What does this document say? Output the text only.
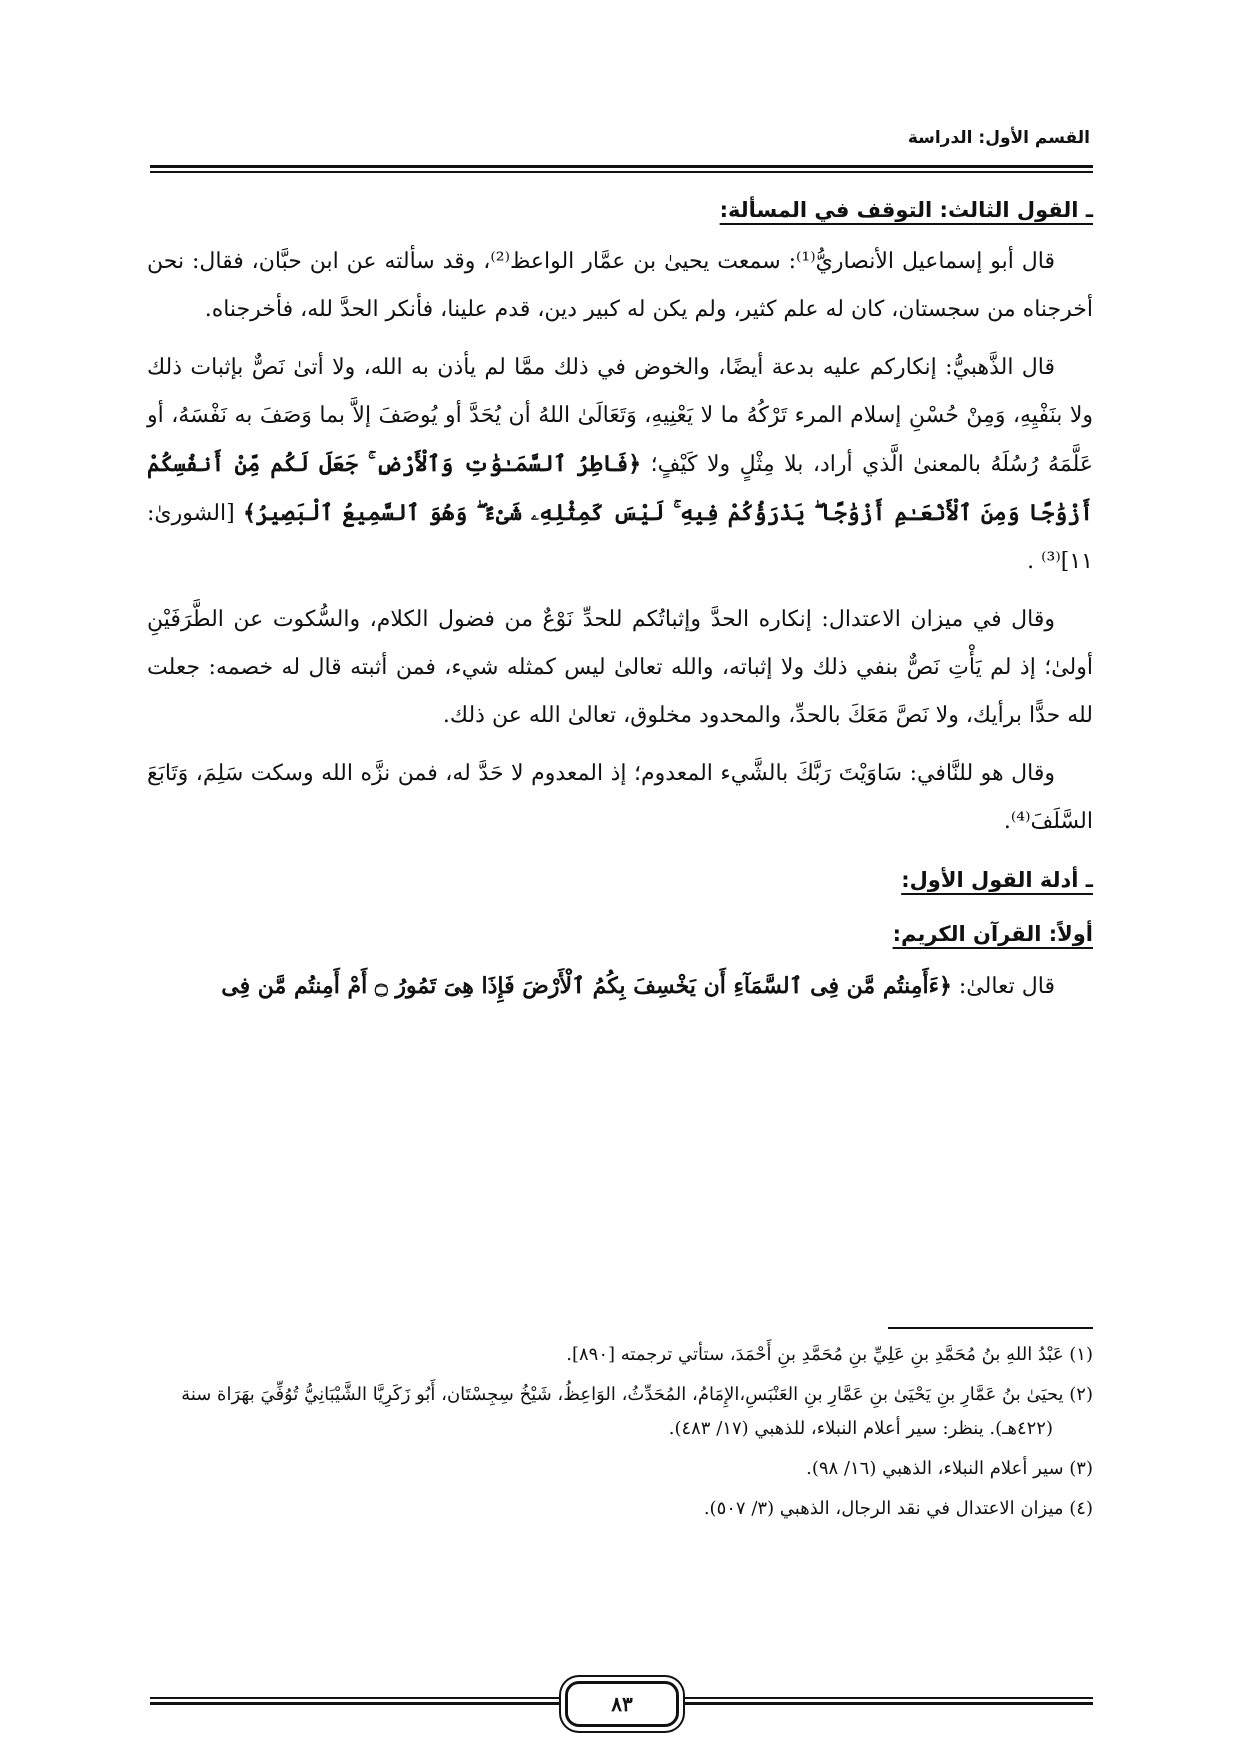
القسم الأول: الدراسة
ـ القول الثالث: التوقف في المسألة:

قال أبو إسماعيل الأنصاريُّ⁽¹⁾: سمعت يحيىٰ بن عمَّار الواعظ⁽²⁾، وقد سألته عن ابن حبَّان، فقال: نحن أخرجناه من سجستان، كان له علم كثير، ولم يكن له كبير دين، قدم علينا، فأنكر الحدَّ لله، فأخرجناه.

قال الذَّهبيُّ: إنكاركم عليه بدعة أيضًا، والخوض في ذلك ممَّا لم يأذن به الله، ولا أتىٰ نَصٌّ بإثبات ذلك ولا بنَفْيِهِ، وَمِنْ حُسْنِ إسلام المرء تَرْكُهُ ما لا يَعْنِيهِ، وَتَعَالَىٰ اللهُ أن يُحَدَّ أو يُوصَفَ إلاَّ بما وَصَفَ به نَفْسَهُ، أو عَلَّمَهُ رُسُلَهُ بالمعنىٰ الَّذي أراد، بلا مِثْلٍ ولا كَيْفٍ؛ ﴿فَاطِرُ ٱلسَّمَـٰوَٰتِ وَٱلْأَرْضِ ۚ جَعَلَ لَكُم مِّنْ أَنفُسِكُمْ أَزْوَٰجًا وَمِنَ ٱلْأَنْعَـٰمِ أَزْوَٰجًا ۖ يَذْرَؤُكُمْ فِيهِ ۚ لَيْسَ كَمِثْلِهِۦ شَىْءٌ ۖ وَهُوَ ٱلسَّمِيعُ ٱلْبَصِيرُ﴾ [الشورىٰ: ١١]⁽³⁾ .

وقال في ميزان الاعتدال: إنكاره الحدَّ وإثباتُكم للحدِّ نَوْعٌ من فضول الكلام، والسُّكوت عن الطَّرَفَيْنِ أولىٰ؛ إذ لم يَأْتِ نَصٌّ بنفي ذلك ولا إثباته، والله تعالىٰ ليس كمثله شيء، فمن أثبته قال له خصمه: جعلت لله حدًّا برأيك، ولا نَصَّ مَعَكَ بالحدِّ، والمحدود مخلوق، تعالىٰ الله عن ذلك.

وقال هو للنَّافي: سَاوَيْتَ رَبَّكَ بالشَّيء المعدوم؛ إذ المعدوم لا حَدَّ له، فمن نزَّه الله وسكت سَلِمَ، وَتَابَعَ السَّلَفَ⁽⁴⁾.

ـ أدلة القول الأول:
أولاً: القرآن الكريم:

قال تعالىٰ: ﴿ءَأَمِنتُم مَّن فِى ٱلسَّمَآءِ أَن يَخْسِفَ بِكُمُ ٱلْأَرْضَ فَإِذَا هِىَ تَمُورُ ۝ أَمْ أَمِنتُم مَّن فِى

(١) عَبْدُ اللهِ بنُ مُحَمَّدِ بنِ عَلِيِّ بنِ مُحَمَّدِ بنِ أَحْمَدَ، ستأتي ترجمته [٨٩٠].
(٢) يحيَىٰ بنُ عَمَّارِ بنِ يَحْيَىٰ بنِ عَمَّارِ بنِ العَنْبَسِ،الإِمَامُ، المُحَدِّثُ، الوَاعِظُ، شَيْخُ سِجِسْتَان، أَبُو زَكَرِيَّا الشَّيْبَانِيُّ تُوُفِّيَ بهَرَاة سنة (٤٢٢هـ). ينظر: سير أعلام النبلاء، للذهبي (١٧/ ٤٨٣).
(٣) سير أعلام النبلاء، الذهبي (١٦/ ٩٨).
(٤) ميزان الاعتدال في نقد الرجال، الذهبي (٣/ ٥٠٧).
٨٣
